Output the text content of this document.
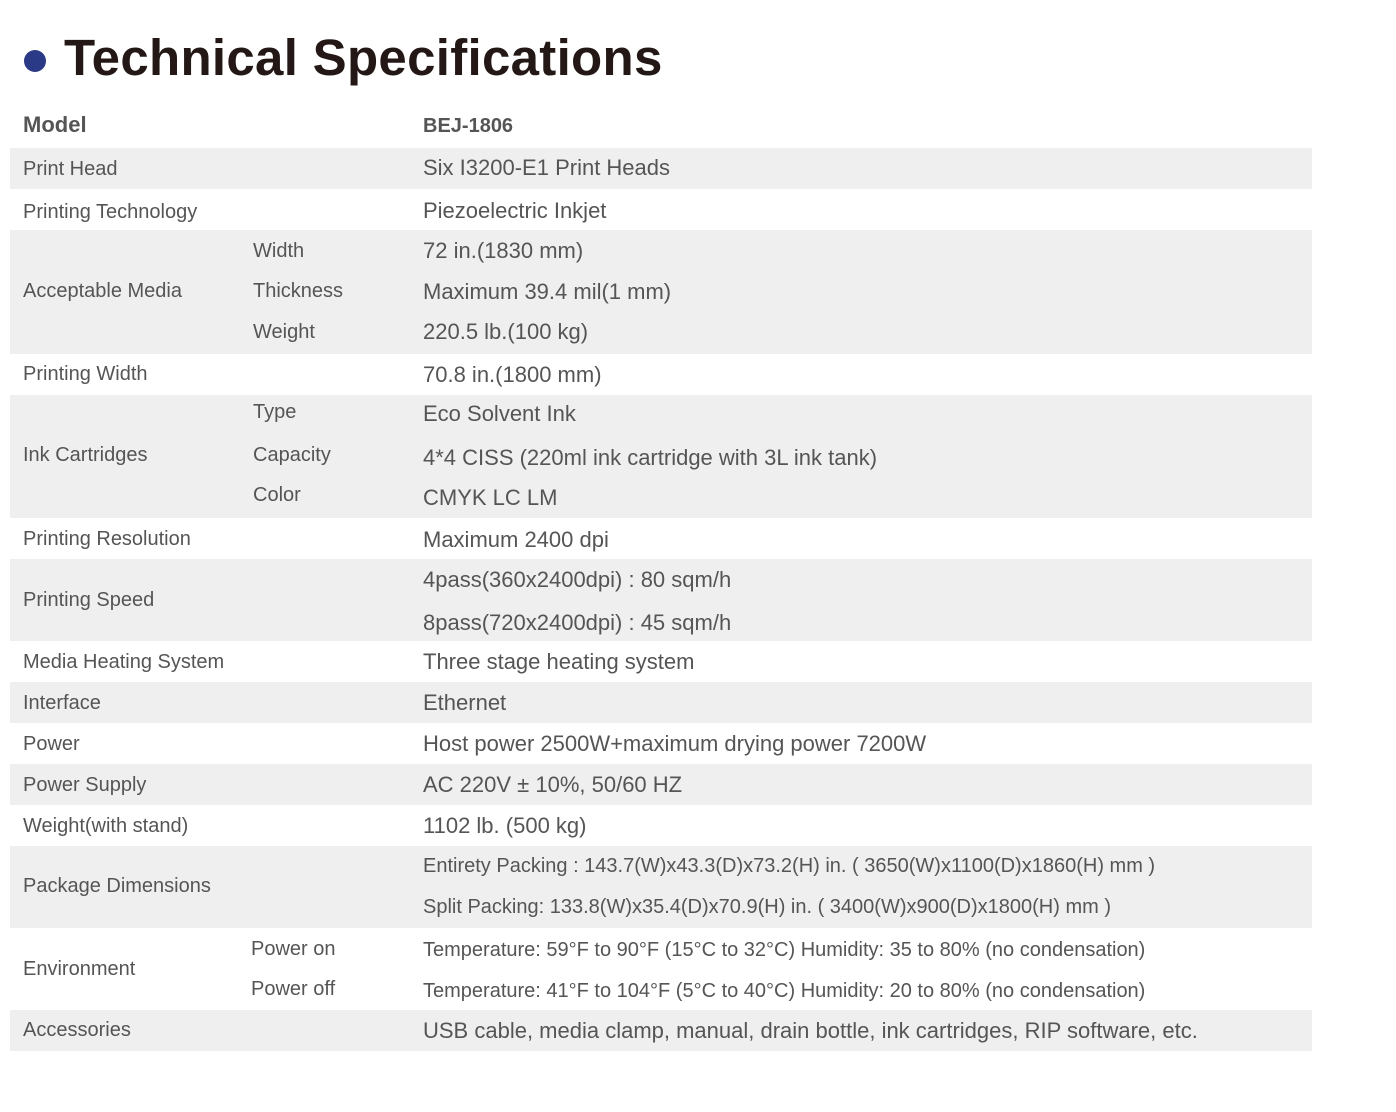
Technical Specifications
Model	BEJ-1806
Print Head	Six I3200-E1 Print Heads
Printing Technology	Piezoelectric Inkjet
Acceptable Media
Width	72 in.(1830 mm)
Thickness	Maximum 39.4 mil(1 mm)
Weight	220.5 lb.(100 kg)
Printing Width	70.8 in.(1800 mm)
Ink Cartridges
Type	Eco Solvent Ink
Capacity	4*4 CISS (220ml ink cartridge with 3L ink tank)
Color	CMYK LC LM
Printing Resolution	Maximum 2400 dpi
Printing Speed
4pass(360x2400dpi) : 80 sqm/h
8pass(720x2400dpi) : 45 sqm/h
Media Heating System	Three stage heating system
Interface	Ethernet
Power	Host power 2500W+maximum drying power 7200W
Power Supply	AC 220V ± 10%, 50/60 HZ
Weight(with stand)	1102 lb. (500 kg)
Package Dimensions
Entirety Packing : 143.7(W)x43.3(D)x73.2(H) in. ( 3650(W)x1100(D)x1860(H) mm )
Split Packing: 133.8(W)x35.4(D)x70.9(H) in. ( 3400(W)x900(D)x1800(H) mm )
Environment
Power on	Temperature: 59°F to 90°F (15°C to 32°C) Humidity: 35 to 80% (no condensation)
Power off	Temperature: 41°F to 104°F (5°C to 40°C) Humidity: 20 to 80% (no condensation)
Accessories	USB cable, media clamp, manual, drain bottle, ink cartridges, RIP software, etc.
